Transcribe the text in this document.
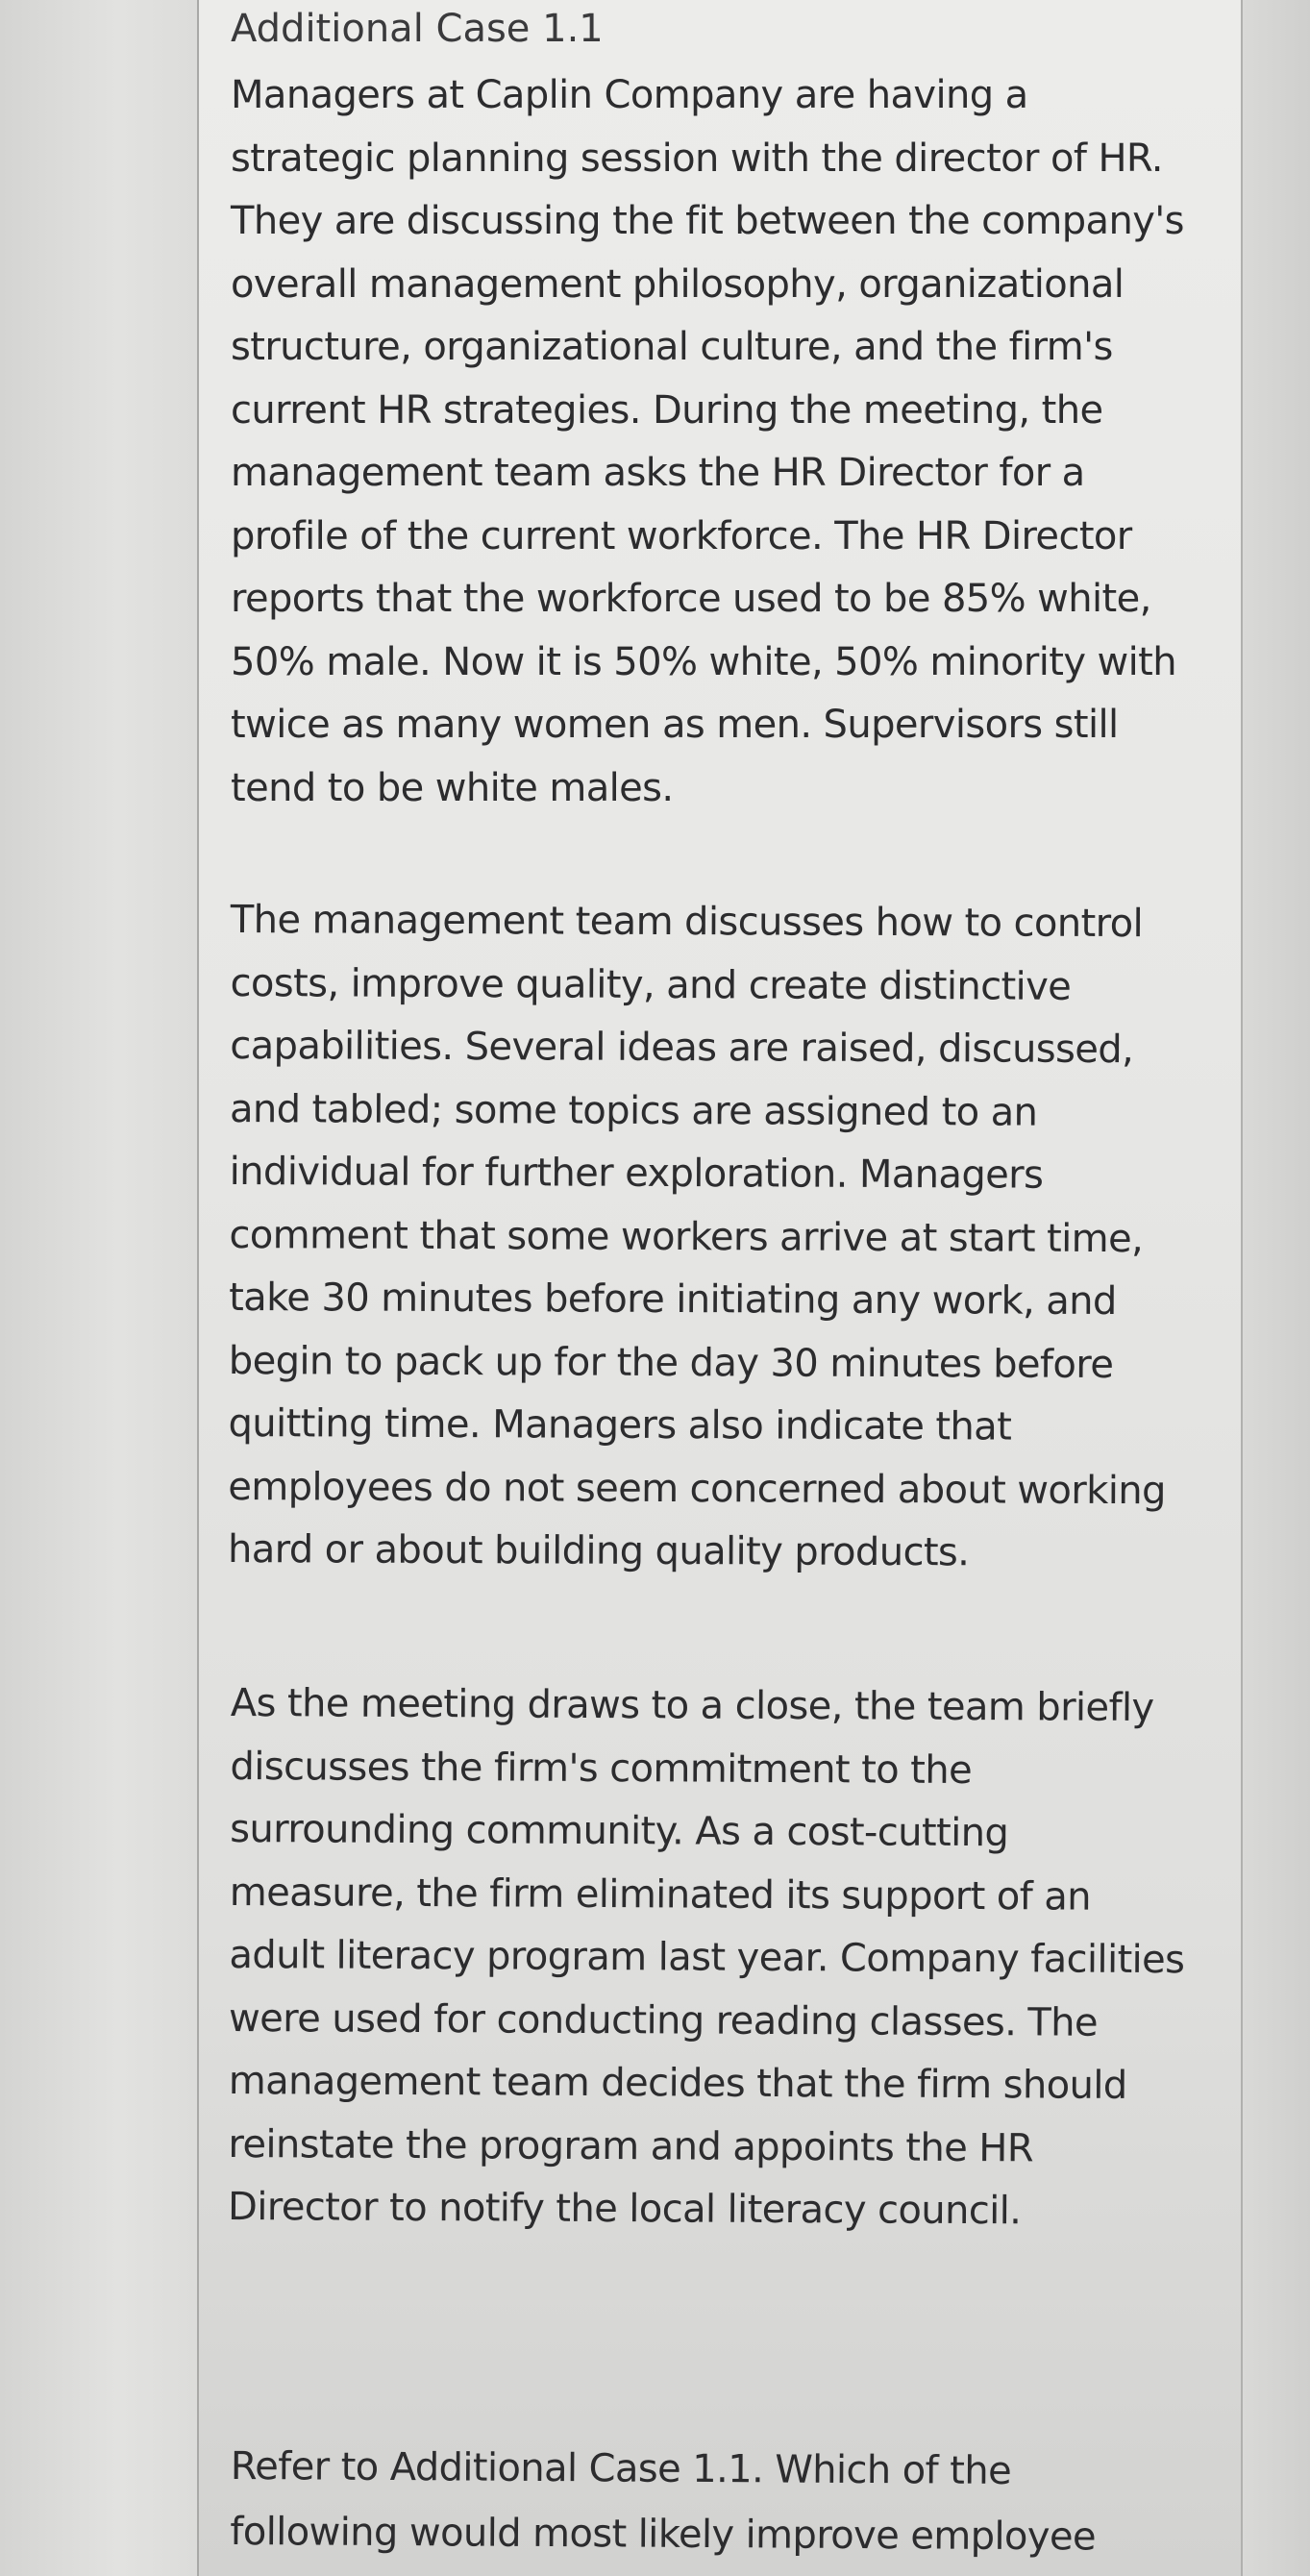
Additional Case 1.1
Managers at Caplin Company are having a
strategic planning session with the director of HR.
They are discussing the fit between the company's
overall management philosophy, organizational
structure, organizational culture, and the firm's
current HR strategies. During the meeting, the
management team asks the HR Director for a
profile of the current workforce. The HR Director
reports that the workforce used to be 85% white,
50% male. Now it is 50% white, 50% minority with
twice as many women as men. Supervisors still
tend to be white males.
The management team discusses how to control
costs, improve quality, and create distinctive
capabilities. Several ideas are raised, discussed,
and tabled; some topics are assigned to an
individual for further exploration. Managers
comment that some workers arrive at start time,
take 30 minutes before initiating any work, and
begin to pack up for the day 30 minutes before
quitting time. Managers also indicate that
employees do not seem concerned about working
hard or about building quality products.
As the meeting draws to a close, the team briefly
discusses the firm's commitment to the
surrounding community. As a cost-cutting
measure, the firm eliminated its support of an
adult literacy program last year. Company facilities
were used for conducting reading classes. The
management team decides that the firm should
reinstate the program and appoints the HR
Director to notify the local literacy council.
Refer to Additional Case 1.1. Which of the
following would most likely improve employee
